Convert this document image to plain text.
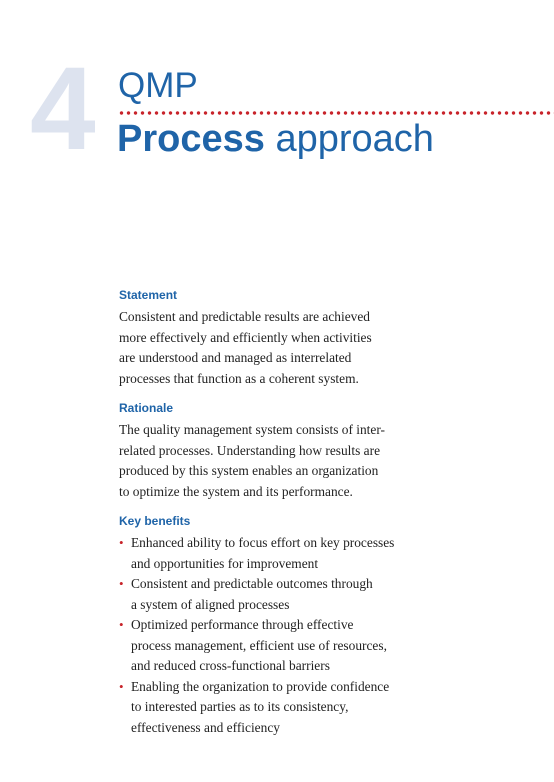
4 QMP
Process approach
Statement

Consistent and predictable results are achieved
more effectively and efficiently when activities
are understood and managed as interrelated
processes that function as a coherent system.

Rationale

The quality management system consists of inter-
related processes. Understanding how results are
produced by this system enables an organization
to optimize the system and its performance.

Key benefits
• Enhanced ability to focus effort on key processes
and opportunities for improvement
• Consistent and predictable outcomes through
a system of aligned processes
• Optimized performance through effective
process management, efficient use of resources,
and reduced cross-functional barriers
• Enabling the organization to provide confidence
to interested parties as to its consistency,
effectiveness and efficiency
